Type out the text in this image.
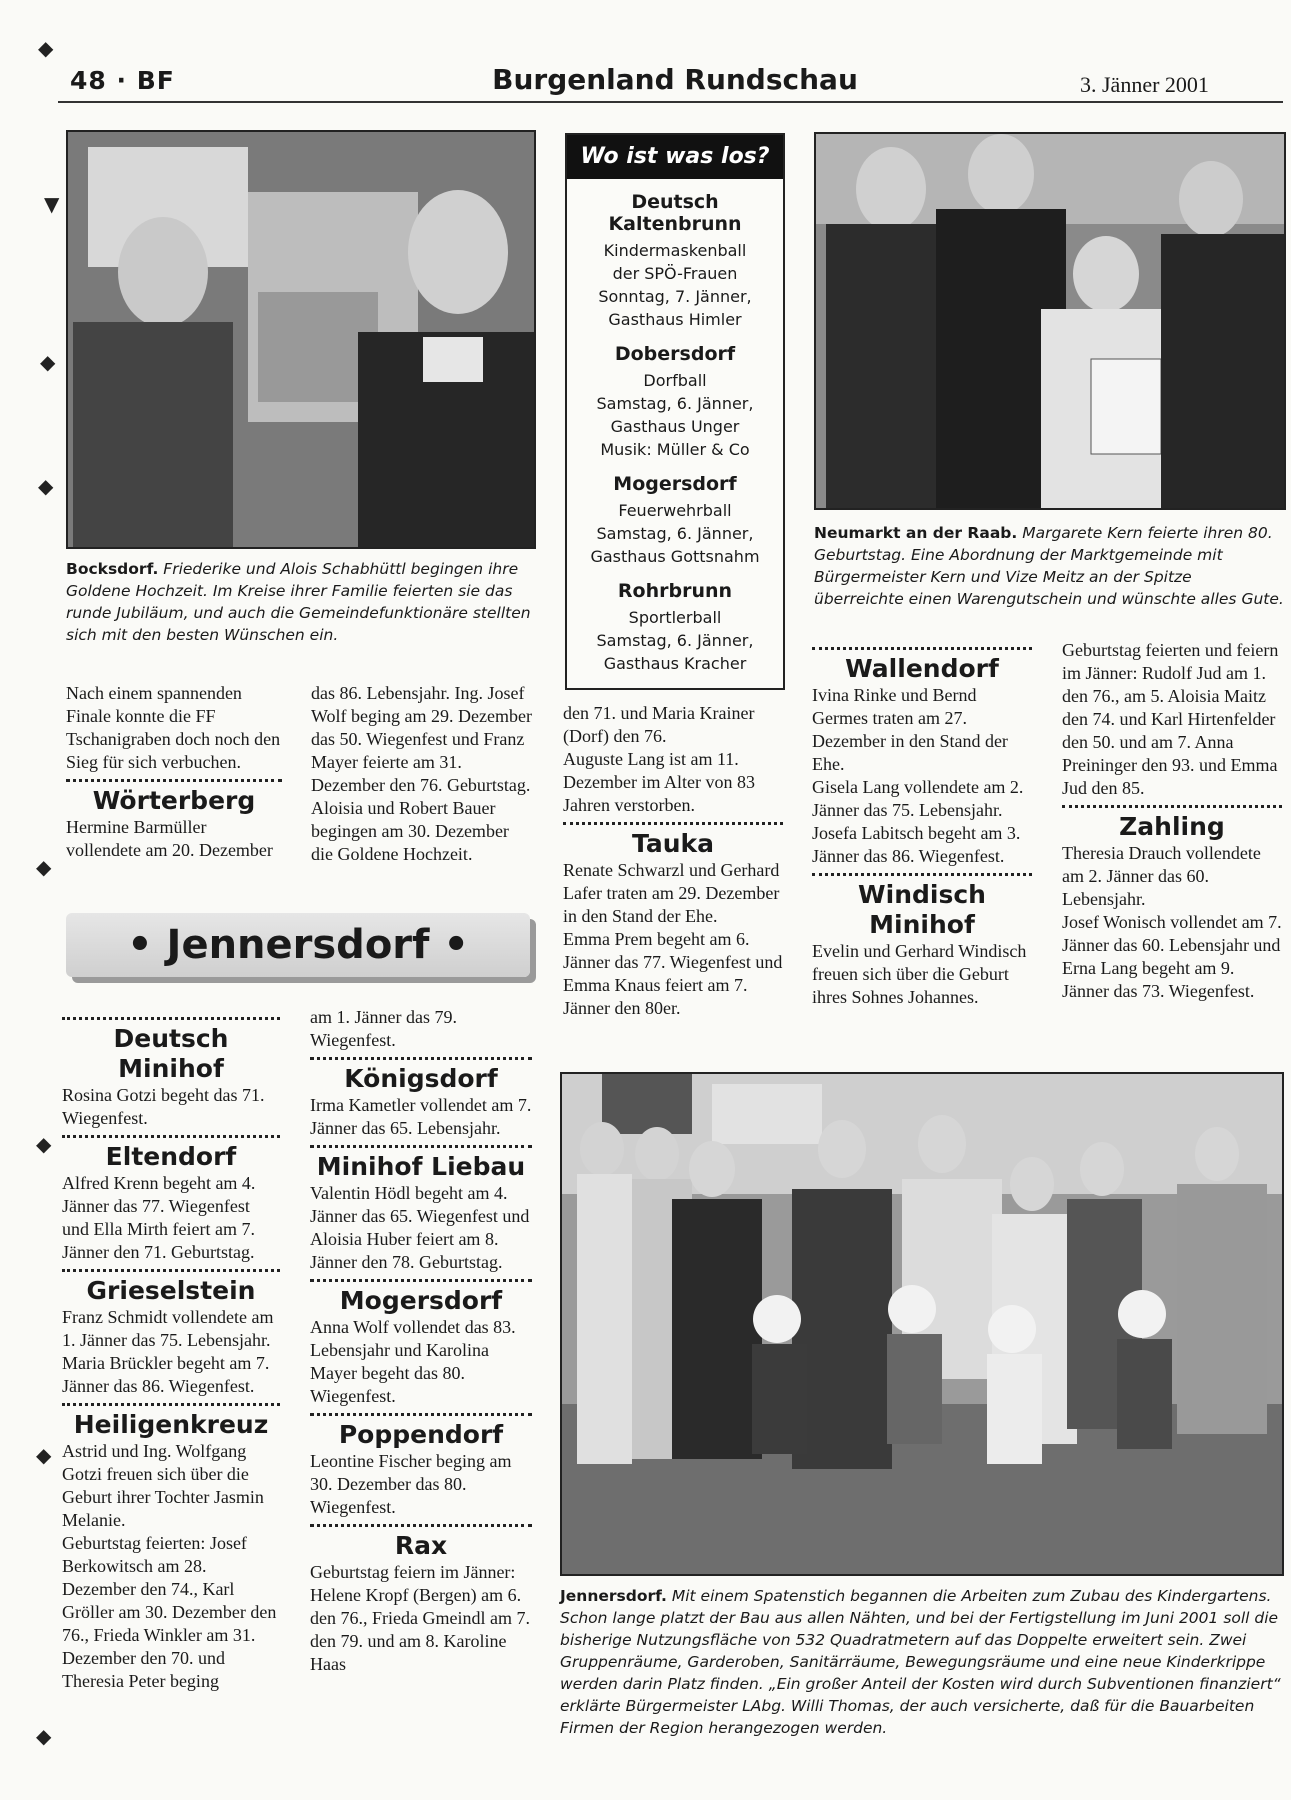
◆
▼
◆
◆
◆
◆
◆
◆
48 · BF	Burgenland Rundschau	3. Jänner 2001
Bocksdorf. Friederike und Alois Schabhüttl begingen ihre Goldene Hochzeit. Im Kreise ihrer Familie feierten sie das runde Jubiläum, und auch die Gemeindefunktionäre stellten sich mit den besten Wünschen ein.
Wo ist was los?
Deutsch Kaltenbrunn
Kindermaskenball
der SPÖ-Frauen
Sonntag, 7. Jänner,
Gasthaus Himler
Dobersdorf
Dorfball
Samstag, 6. Jänner,
Gasthaus Unger
Musik: Müller & Co
Mogersdorf
Feuerwehrball
Samstag, 6. Jänner,
Gasthaus Gottsnahm
Rohrbrunn
Sportlerball
Samstag, 6. Jänner,
Gasthaus Kracher
Neumarkt an der Raab. Margarete Kern feierte ihren 80. Geburtstag. Eine Abordnung der Marktgemeinde mit Bürgermeister Kern und Vize Meitz an der Spitze überreichte einen Warengutschein und wünschte alles Gute.

Nach einem spannenden Finale konnte die FF Tschanigraben doch noch den Sieg für sich verbuchen.

Wörterberg

Hermine Barmüller vollendete am 20. Dezember

das 86. Lebensjahr. Ing. Josef Wolf beging am 29. Dezember das 50. Wiegenfest und Franz Mayer feierte am 31. Dezember den 76. Geburtstag.

Aloisia und Robert Bauer begingen am 30. Dezember die Goldene Hochzeit.

den 71. und Maria Krainer (Dorf) den 76.

Auguste Lang ist am 11. Dezember im Alter von 83 Jahren verstorben.

Tauka

Renate Schwarzl und Gerhard Lafer traten am 29. Dezember in den Stand der Ehe.

Emma Prem begeht am 6. Jänner das 77. Wiegenfest und Emma Knaus feiert am 7. Jänner den 80er.

Wallendorf

Ivina Rinke und Bernd Germes traten am 27. Dezember in den Stand der Ehe.

Gisela Lang vollendete am 2. Jänner das 75. Lebensjahr.

Josefa Labitsch begeht am 3. Jänner das 86. Wiegenfest.

Windisch Minihof

Evelin und Gerhard Windisch freuen sich über die Geburt ihres Sohnes Johannes.

Geburtstag feierten und feiern im Jänner: Rudolf Jud am 1. den 76., am 5. Aloisia Maitz den 74. und Karl Hirtenfelder den 50. und am 7. Anna Preininger den 93. und Emma Jud den 85.

Zahling

Theresia Drauch vollendete am 2. Jänner das 60. Lebensjahr.

Josef Wonisch vollendet am 7. Jänner das 60. Lebensjahr und Erna Lang begeht am 9. Jänner das 73. Wiegenfest.

• Jennersdorf •

Deutsch Minihof

Rosina Gotzi begeht das 71. Wiegenfest.

Eltendorf

Alfred Krenn begeht am 4. Jänner das 77. Wiegenfest und Ella Mirth feiert am 7. Jänner den 71. Geburtstag.

Grieselstein

Franz Schmidt vollendete am 1. Jänner das 75. Lebensjahr.

Maria Brückler begeht am 7. Jänner das 86. Wiegenfest.

Heiligenkreuz

Astrid und Ing. Wolfgang Gotzi freuen sich über die Geburt ihrer Tochter Jasmin Melanie.

Geburtstag feierten: Josef Berkowitsch am 28. Dezember den 74., Karl Gröller am 30. Dezember den 76., Frieda Winkler am 31. Dezember den 70. und Theresia Peter beging

am 1. Jänner das 79. Wiegenfest.

Königsdorf

Irma Kametler vollendet am 7. Jänner das 65. Lebensjahr.

Minihof Liebau

Valentin Hödl begeht am 4. Jänner das 65. Wiegenfest und Aloisia Huber feiert am 8. Jänner den 78. Geburtstag.

Mogersdorf

Anna Wolf vollendet das 83. Lebensjahr und Karolina Mayer begeht das 80. Wiegenfest.

Poppendorf

Leontine Fischer beging am 30. Dezember das 80. Wiegenfest.

Rax

Geburtstag feiern im Jänner: Helene Kropf (Bergen) am 6. den 76., Frieda Gmeindl am 7. den 79. und am 8. Karoline Haas

Jennersdorf. Mit einem Spatenstich begannen die Arbeiten zum Zubau des Kindergartens. Schon lange platzt der Bau aus allen Nähten, und bei der Fertigstellung im Juni 2001 soll die bisherige Nutzungsfläche von 532 Quadratmetern auf das Doppelte erweitert sein. Zwei Gruppenräume, Garderoben, Sanitärräume, Bewegungsräume und eine neue Kinderkrippe werden darin Platz finden. „Ein großer Anteil der Kosten wird durch Subventionen finanziert“ erklärte Bürgermeister LAbg. Willi Thomas, der auch versicherte, daß für die Bauarbeiten Firmen der Region herangezogen werden.
